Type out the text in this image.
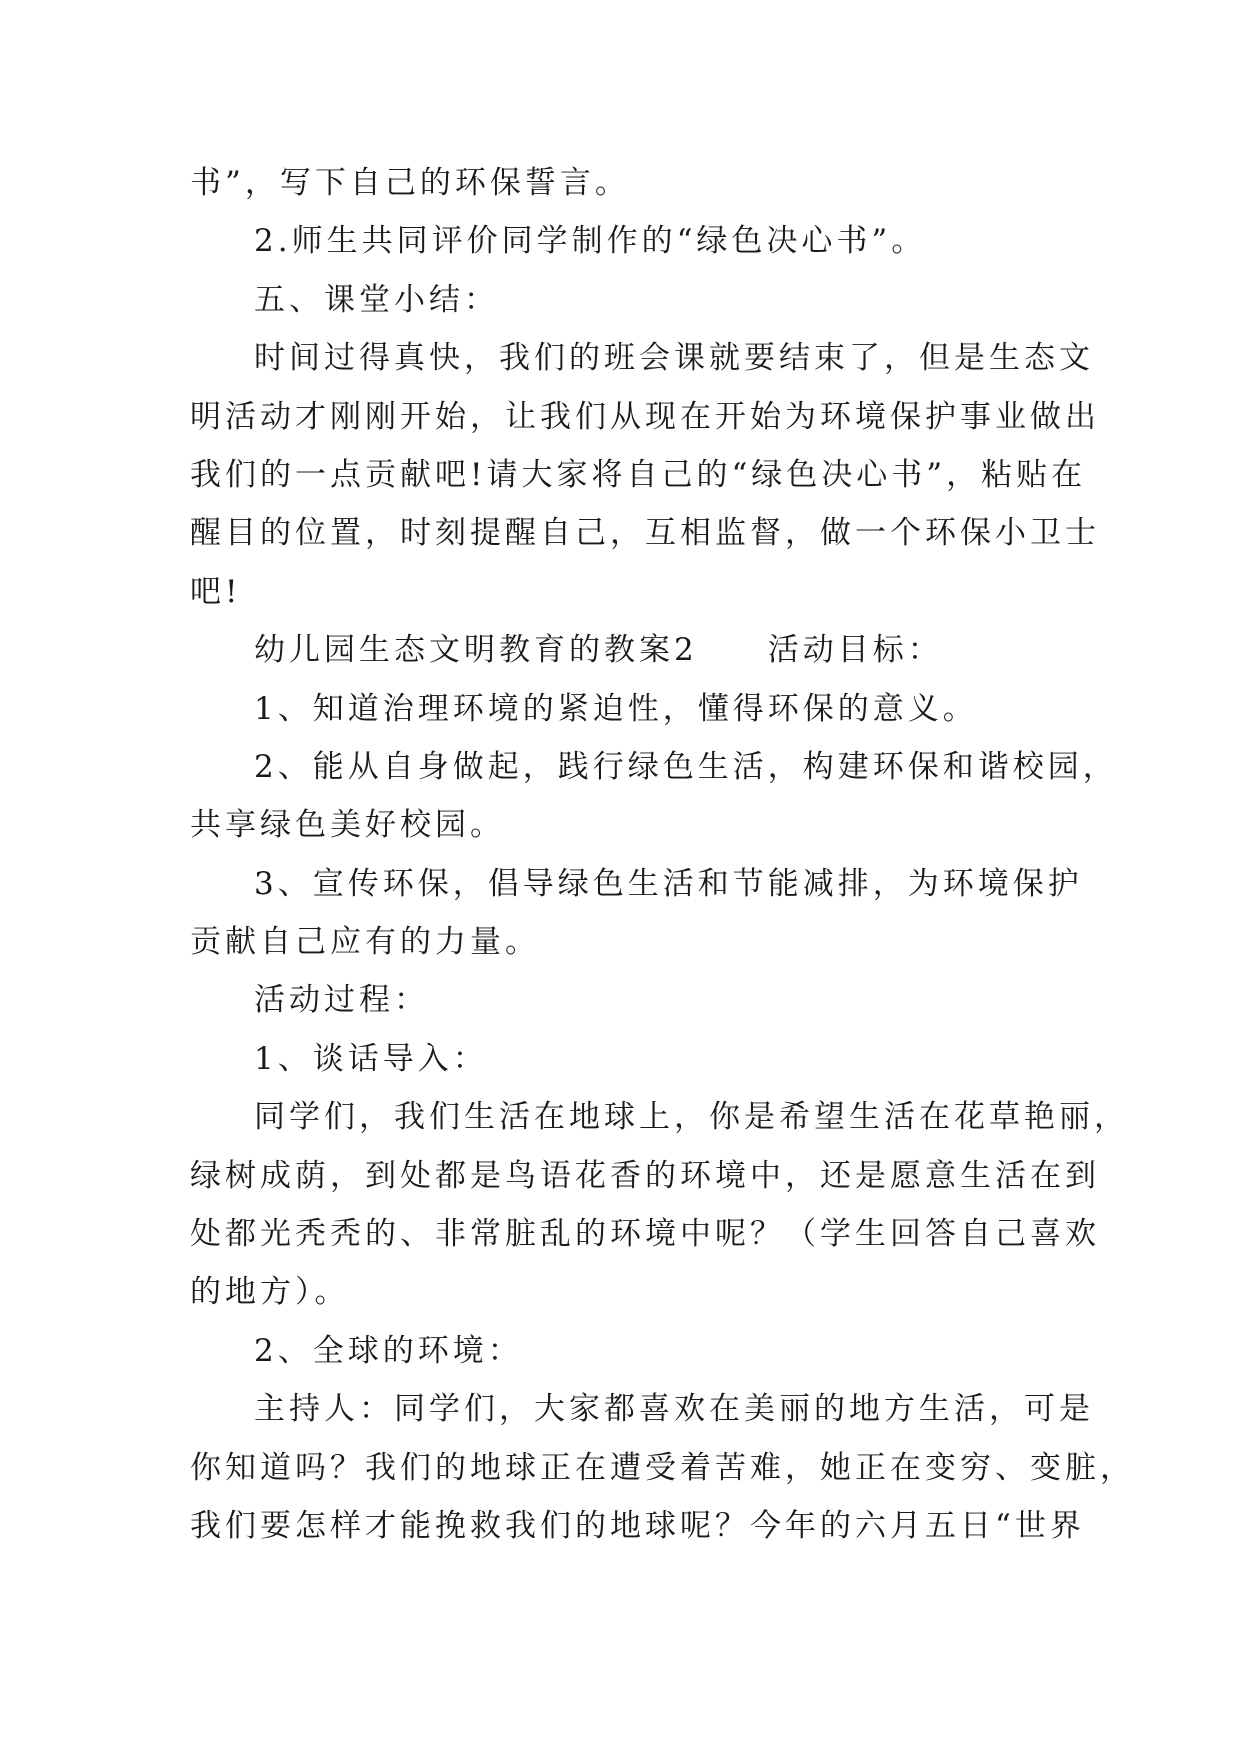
书”，写下自己的环保誓言。
2.师生共同评价同学制作的“绿色决心书”。
五、课堂小结：
时间过得真快，我们的班会课就要结束了，但是生态文
明活动才刚刚开始，让我们从现在开始为环境保护事业做出
我们的一点贡献吧!请大家将自己的“绿色决心书”，粘贴在
醒目的位置，时刻提醒自己，互相监督，做一个环保小卫士
吧!
幼儿园生态文明教育的教案2　　活动目标：
1、知道治理环境的紧迫性，懂得环保的意义。
2、能从自身做起，践行绿色生活，构建环保和谐校园，
共享绿色美好校园。
3、宣传环保，倡导绿色生活和节能减排，为环境保护
贡献自己应有的力量。
活动过程：
1、谈话导入：
同学们，我们生活在地球上，你是希望生活在花草艳丽，
绿树成荫，到处都是鸟语花香的环境中，还是愿意生活在到
处都光秃秃的、非常脏乱的环境中呢？（学生回答自己喜欢
的地方）。
2、全球的环境：
主持人：同学们，大家都喜欢在美丽的地方生活，可是
你知道吗？我们的地球正在遭受着苦难，她正在变穷、变脏，
我们要怎样才能挽救我们的地球呢？今年的六月五日“世界
